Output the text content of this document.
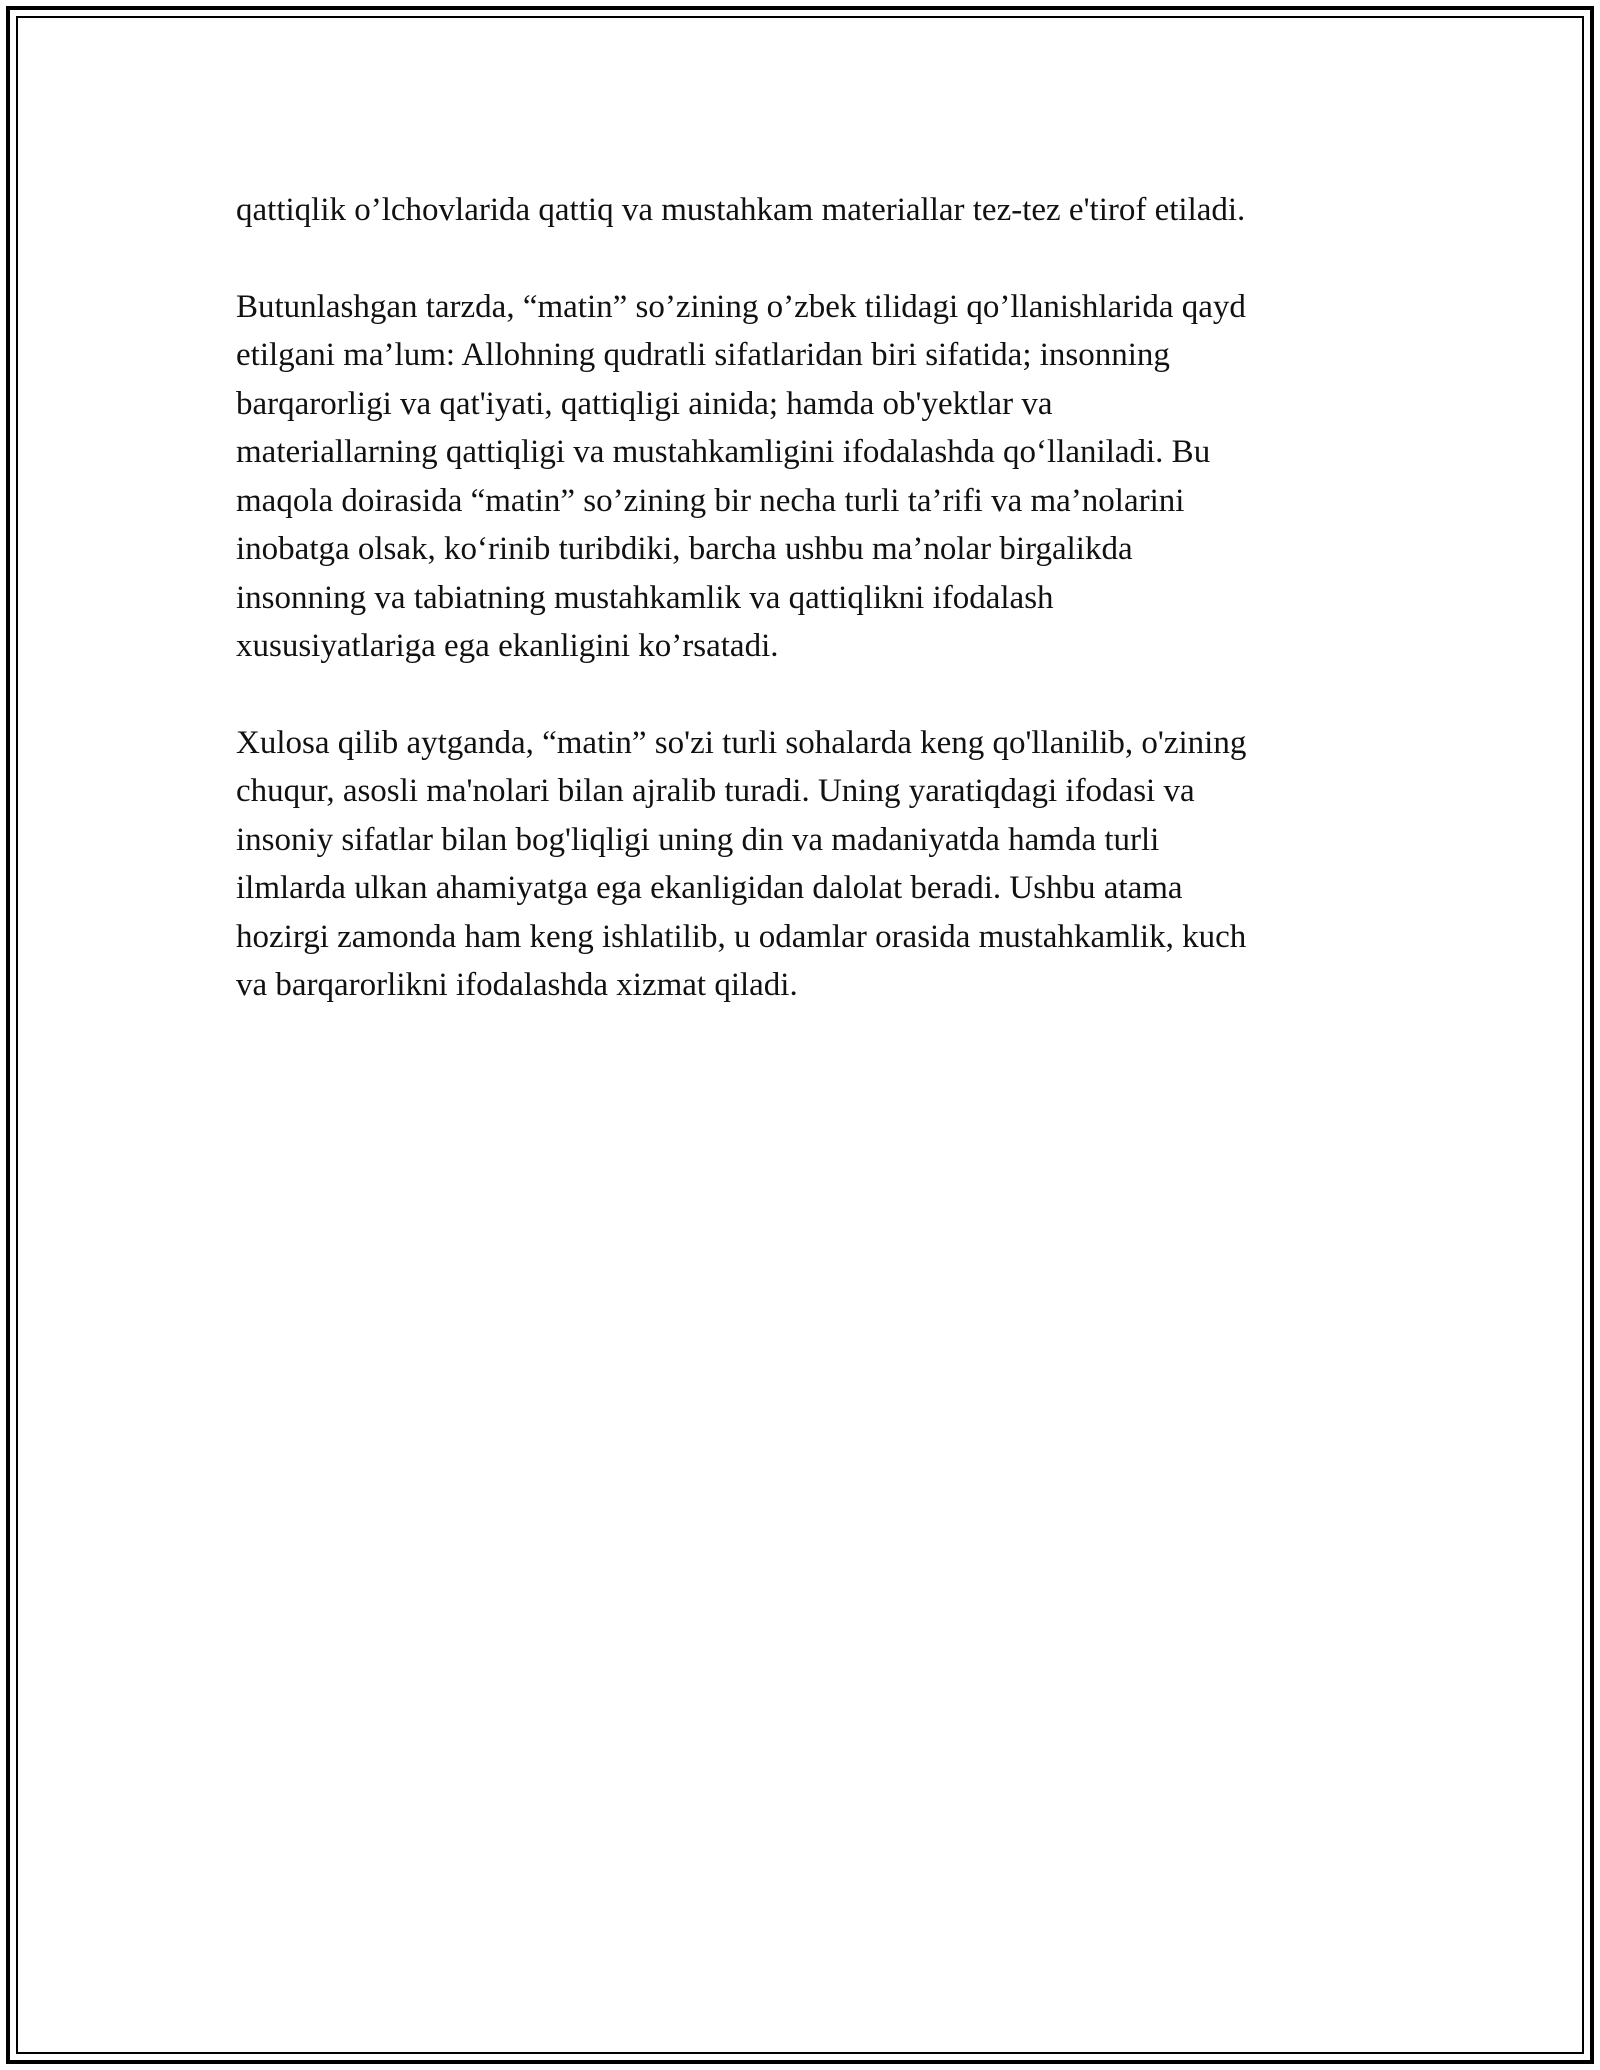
qattiqlik o’lchovlarida qattiq va mustahkam materiallar tez-tez e'tirof etiladi.

Butunlashgan tarzda, “matin” so’zining o’zbek tilidagi qo’llanishlarida qayd
etilgani ma’lum: Allohning qudratli sifatlaridan biri sifatida; insonning
barqarorligi va qat'iyati, qattiqligi ainida; hamda ob'yektlar va
materiallarning qattiqligi va mustahkamligini ifodalashda qo‘llaniladi. Bu
maqola doirasida “matin” so’zining bir necha turli ta’rifi va ma’nolarini
inobatga olsak, ko‘rinib turibdiki, barcha ushbu ma’nolar birgalikda
insonning va tabiatning mustahkamlik va qattiqlikni ifodalash
xususiyatlariga ega ekanligini ko’rsatadi.

Xulosa qilib aytganda, “matin” so'zi turli sohalarda keng qo'llanilib, o'zining
chuqur, asosli ma'nolari bilan ajralib turadi. Uning yaratiqdagi ifodasi va
insoniy sifatlar bilan bog'liqligi uning din va madaniyatda hamda turli
ilmlarda ulkan ahamiyatga ega ekanligidan dalolat beradi. Ushbu atama
hozirgi zamonda ham keng ishlatilib, u odamlar orasida mustahkamlik, kuch
va barqarorlikni ifodalashda xizmat qiladi.
